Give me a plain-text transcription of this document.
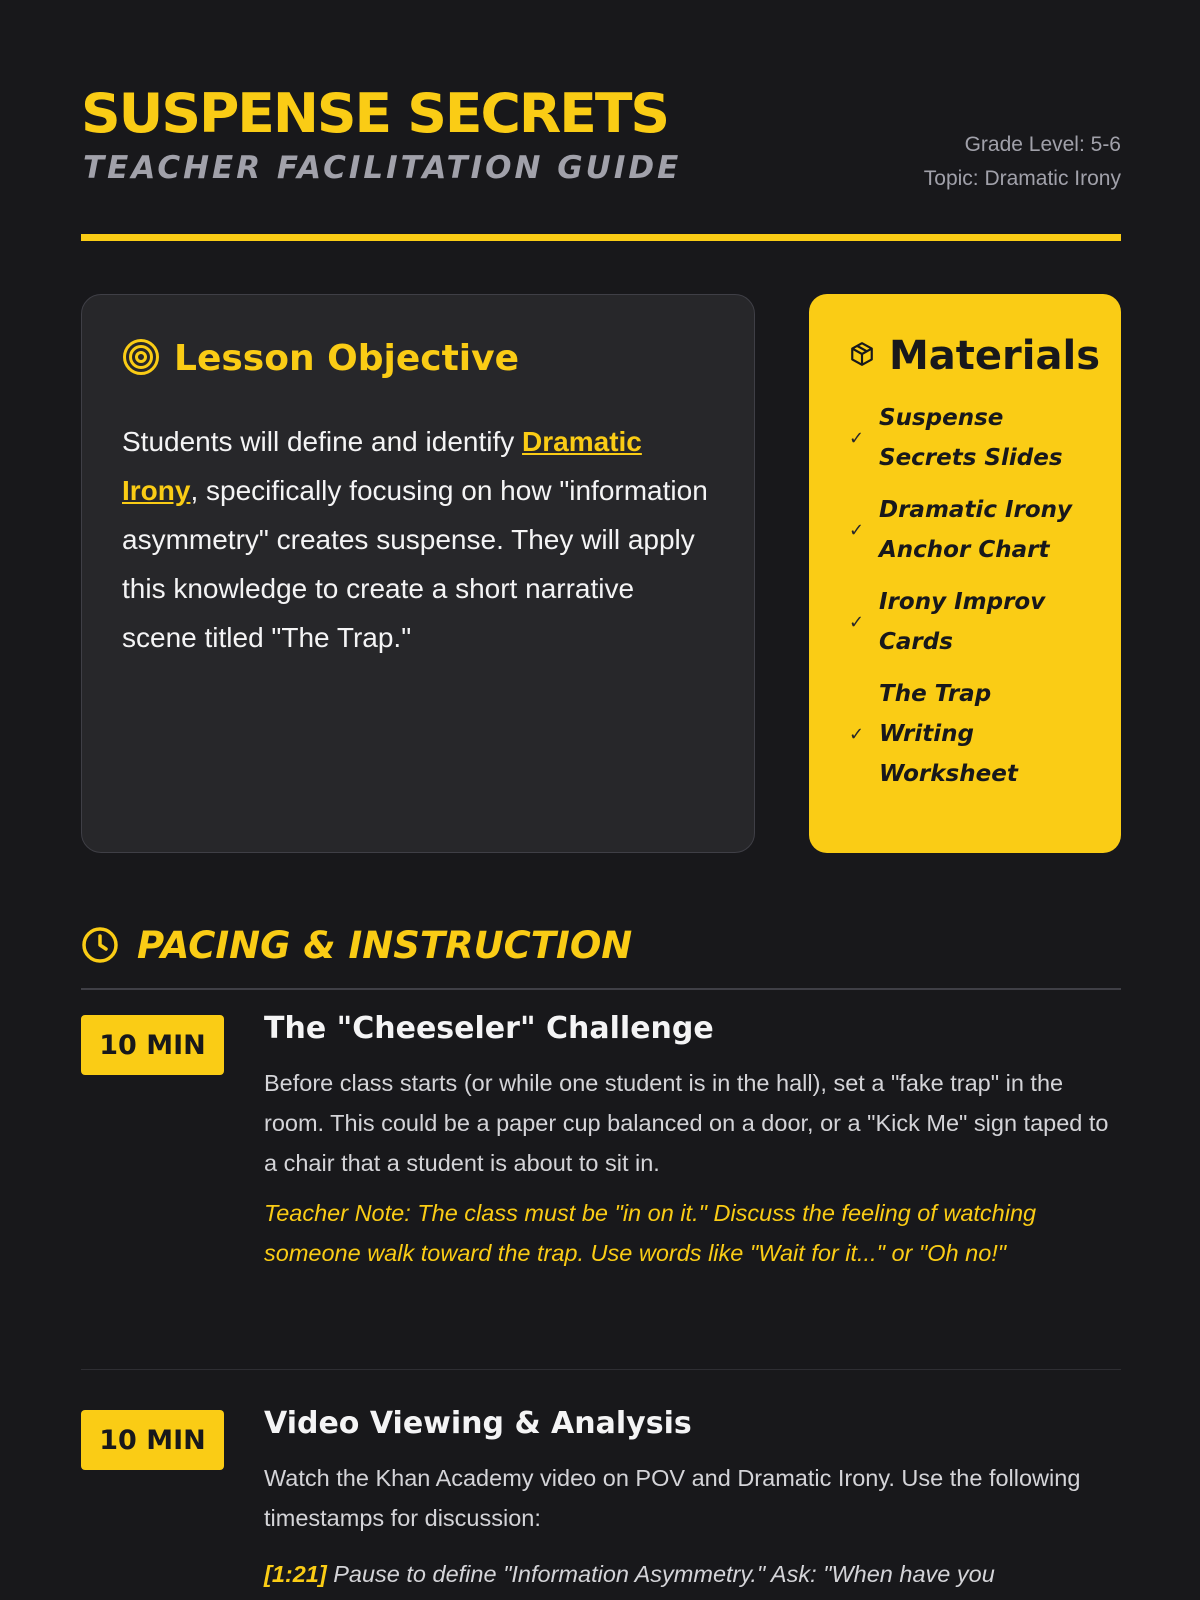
SUSPENSE SECRETS
TEACHER FACILITATION GUIDE
Grade Level: 5-6
Topic: Dramatic Irony
Lesson Objective

Students will define and identify Dramatic Irony, specifically focusing on how "information asymmetry" creates suspense. They will apply this knowledge to create a short narrative scene titled "The Trap."

Materials
✓
Suspense Secrets Slides
✓
Dramatic Irony Anchor Chart
✓
Irony Improv Cards
✓
The Trap Writing Worksheet
PACING & INSTRUCTION
10 MIN	The "Cheeseler" Challenge

Before class starts (or while one student is in the hall), set a "fake trap" in the room. This could be a paper cup balanced on a door, or a "Kick Me" sign taped to a chair that a student is about to sit in.

Teacher Note: The class must be "in on it." Discuss the feeling of watching someone walk toward the trap. Use words like "Wait for it..." or "Oh no!"

10 MIN	Video Viewing & Analysis

Watch the Khan Academy video on POV and Dramatic Irony. Use the following timestamps for discussion:

[1:21] Pause to define "Information Asymmetry." Ask: "When have you
